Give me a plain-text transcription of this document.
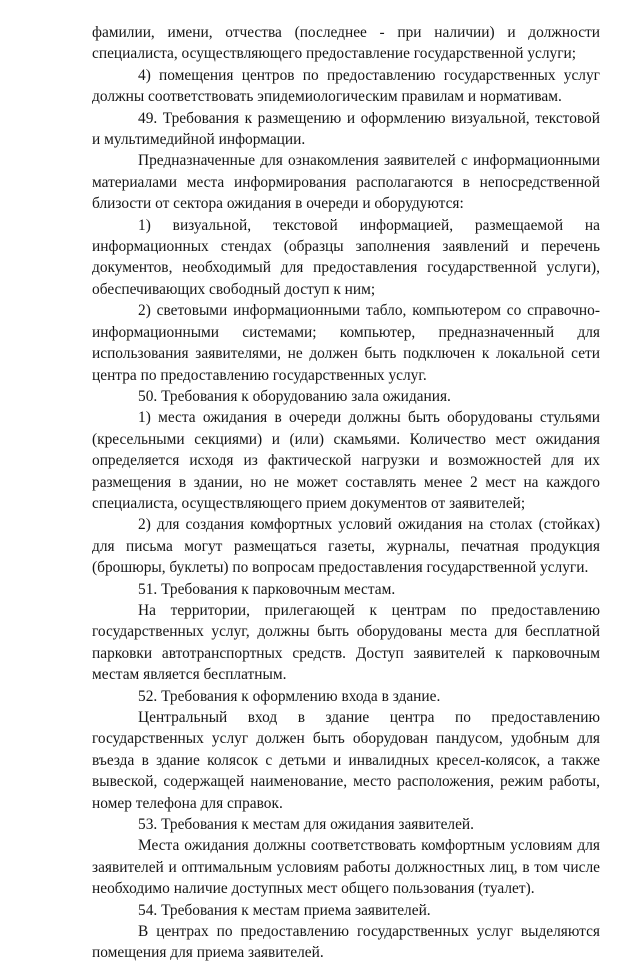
фамилии, имени, отчества (последнее - при наличии) и должности специалиста, осуществляющего предоставление государственной услуги;

4) помещения центров по предоставлению государственных услуг должны соответствовать эпидемиологическим правилам и нормативам.

49. Требования к размещению и оформлению визуальной, текстовой и мультимедийной информации.

Предназначенные для ознакомления заявителей с информационными материалами места информирования располагаются в непосредственной близости от сектора ожидания в очереди и оборудуются:

1) визуальной, текстовой информацией, размещаемой на информационных стендах (образцы заполнения заявлений и перечень документов, необходимый для предоставления государственной услуги), обеспечивающих свободный доступ к ним;

2) световыми информационными табло, компьютером со справочно-информационными системами; компьютер, предназначенный для использования заявителями, не должен быть подключен к локальной сети центра по предоставлению государственных услуг.

50. Требования к оборудованию зала ожидания.

1) места ожидания в очереди должны быть оборудованы стульями (кресельными секциями) и (или) скамьями. Количество мест ожидания определяется исходя из фактической нагрузки и возможностей для их размещения в здании, но не может составлять менее 2 мест на каждого специалиста, осуществляющего прием документов от заявителей;

2) для создания комфортных условий ожидания на столах (стойках) для письма могут размещаться газеты, журналы, печатная продукция (брошюры, буклеты) по вопросам предоставления государственной услуги.

51. Требования к парковочным местам.

На территории, прилегающей к центрам по предоставлению государственных услуг, должны быть оборудованы места для бесплатной парковки автотранспортных средств. Доступ заявителей к парковочным местам является бесплатным.

52. Требования к оформлению входа в здание.

Центральный вход в здание центра по предоставлению государственных услуг должен быть оборудован пандусом, удобным для въезда в здание колясок с детьми и инвалидных кресел-колясок, а также вывеской, содержащей наименование, место расположения, режим работы, номер телефона для справок.

53. Требования к местам для ожидания заявителей.

Места ожидания должны соответствовать комфортным условиям для заявителей и оптимальным условиям работы должностных лиц, в том числе необходимо наличие доступных мест общего пользования (туалет).

54. Требования к местам приема заявителей.

В центрах по предоставлению государственных услуг выделяются помещения для приема заявителей.
